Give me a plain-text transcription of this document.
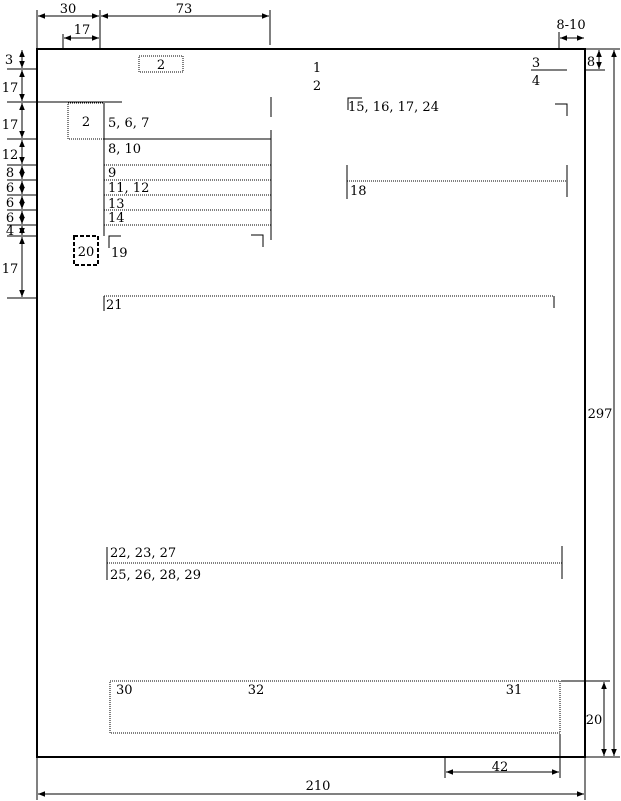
30	73
17	8-10
8
297
20
42
210
3
17
17
12
8
6
6
6
4
17
2	1
2
3
4
2 5, 6, 7
8, 10
9
11, 12
13
14
15, 16, 17, 24
18
20 19
21
22, 23, 27
25, 26, 28, 29
30	32	31
